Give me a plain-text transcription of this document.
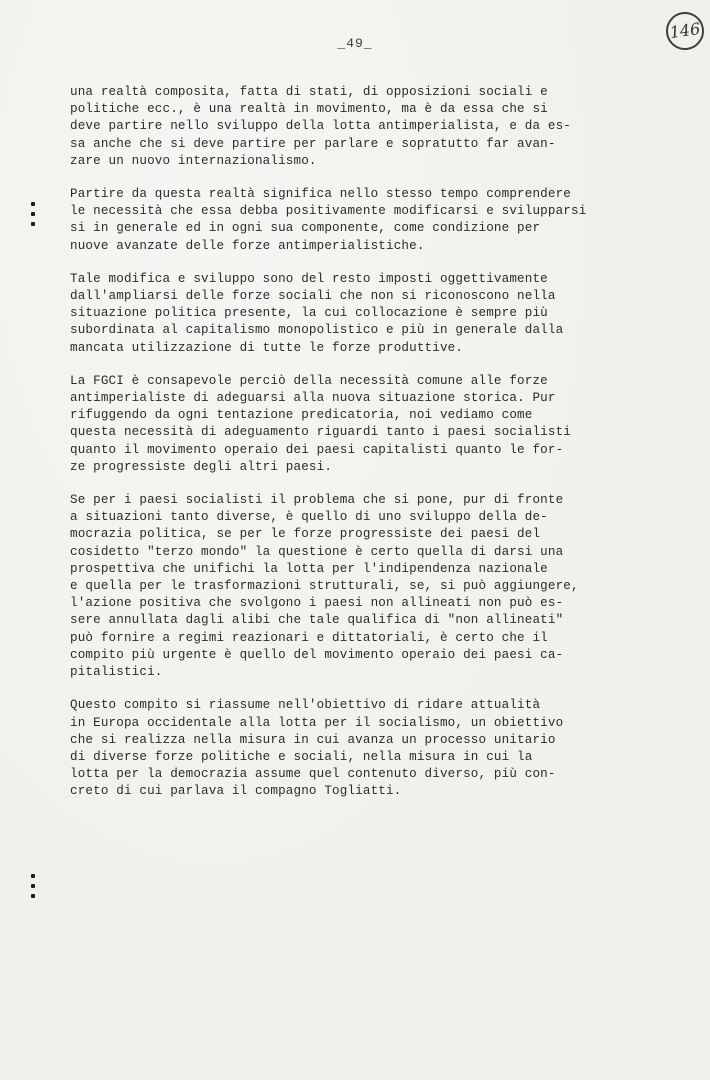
_49_
146

una realtà composita, fatta di stati, di opposizioni sociali e
politiche ecc., è una realtà in movimento, ma è da essa che si
deve partire nello sviluppo della lotta antimperialista, e da es-
sa anche che si deve partire per parlare e sopratutto far avan-
zare un nuovo internazionalismo.

Partire da questa realtà significa nello stesso tempo comprendere
le necessità che essa debba positivamente modificarsi e svilupparsi
si in generale ed in ogni sua componente, come condizione per
nuove avanzate delle forze antimperialistiche.

Tale modifica e sviluppo sono del resto imposti oggettivamente
dall'ampliarsi delle forze sociali che non si riconoscono nella
situazione politica presente, la cui collocazione è sempre più
subordinata al capitalismo monopolistico e più in generale dalla
mancata utilizzazione di tutte le forze produttive.

La FGCI è consapevole perciò della necessità comune alle forze
antimperialiste di adeguarsi alla nuova situazione storica. Pur
rifuggendo da ogni tentazione predicatoria, noi vediamo come
questa necessità di adeguamento riguardi tanto i paesi socialisti
quanto il movimento operaio dei paesi capitalisti quanto le for-
ze progressiste degli altri paesi.

Se per i paesi socialisti il problema che si pone, pur di fronte
a situazioni tanto diverse, è quello di uno sviluppo della de-
mocrazia politica, se per le forze progressiste dei paesi del
cosidetto "terzo mondo" la questione è certo quella di darsi una
prospettiva che unifichi la lotta per l'indipendenza nazionale
e quella per le trasformazioni strutturali, se, si può aggiungere,
l'azione positiva che svolgono i paesi non allineati non può es-
sere annullata dagli alibi che tale qualifica di "non allineati"
può fornire a regimi reazionari e dittatoriali, è certo che il
compito più urgente è quello del movimento operaio dei paesi ca-
pitalistici.

Questo compito si riassume nell'obiettivo di ridare attualità
in Europa occidentale alla lotta per il socialismo, un obiettivo
che si realizza nella misura in cui avanza un processo unitario
di diverse forze politiche e sociali, nella misura in cui la
lotta per la democrazia assume quel contenuto diverso, più con-
creto di cui parlava il compagno Togliatti.
